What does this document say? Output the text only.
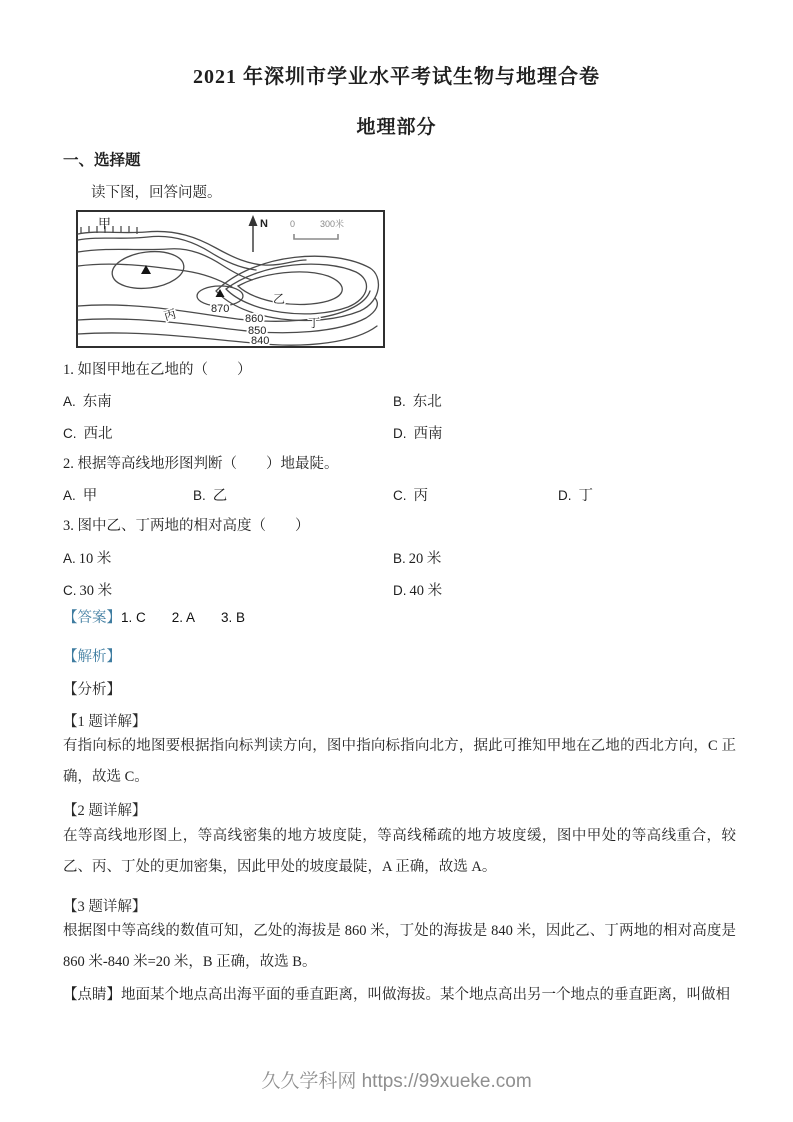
2021 年深圳市学业水平考试生物与地理合卷
地理部分
一、选择题
读下图，回答问题。
甲
乙
丙	丁
870
860
850
840
N 0	300米
1. 如图甲地在乙地的（　　）
A. 东南	B. 东北
C. 西北	D. 西南
2. 根据等高线地形图判断（　　）地最陡。
A. 甲	B. 乙	C. 丙	D. 丁
3. 图中乙、丁两地的相对高度（　　）
A. 10 米	B. 20 米
C. 30 米	D. 40 米
【答案】1. C 2. A 3. B
【解析】
【分析】
【1 题详解】
有指向标的地图要根据指向标判读方向，图中指向标指向北方，据此可推知甲地在乙地的西北方向，C 正确，故选 C。
【2 题详解】
在等高线地形图上，等高线密集的地方坡度陡，等高线稀疏的地方坡度缓，图中甲处的等高线重合，较乙、丙、丁处的更加密集，因此甲处的坡度最陡，A 正确，故选 A。
【3 题详解】
根据图中等高线的数值可知，乙处的海拔是 860 米，丁处的海拔是 840 米，因此乙、丁两地的相对高度是 860 米-840 米=20 米，B 正确，故选 B。
【点睛】地面某个地点高出海平面的垂直距离，叫做海拔。某个地点高出另一个地点的垂直距离，叫做相
久久学科网 https://99xueke.com
